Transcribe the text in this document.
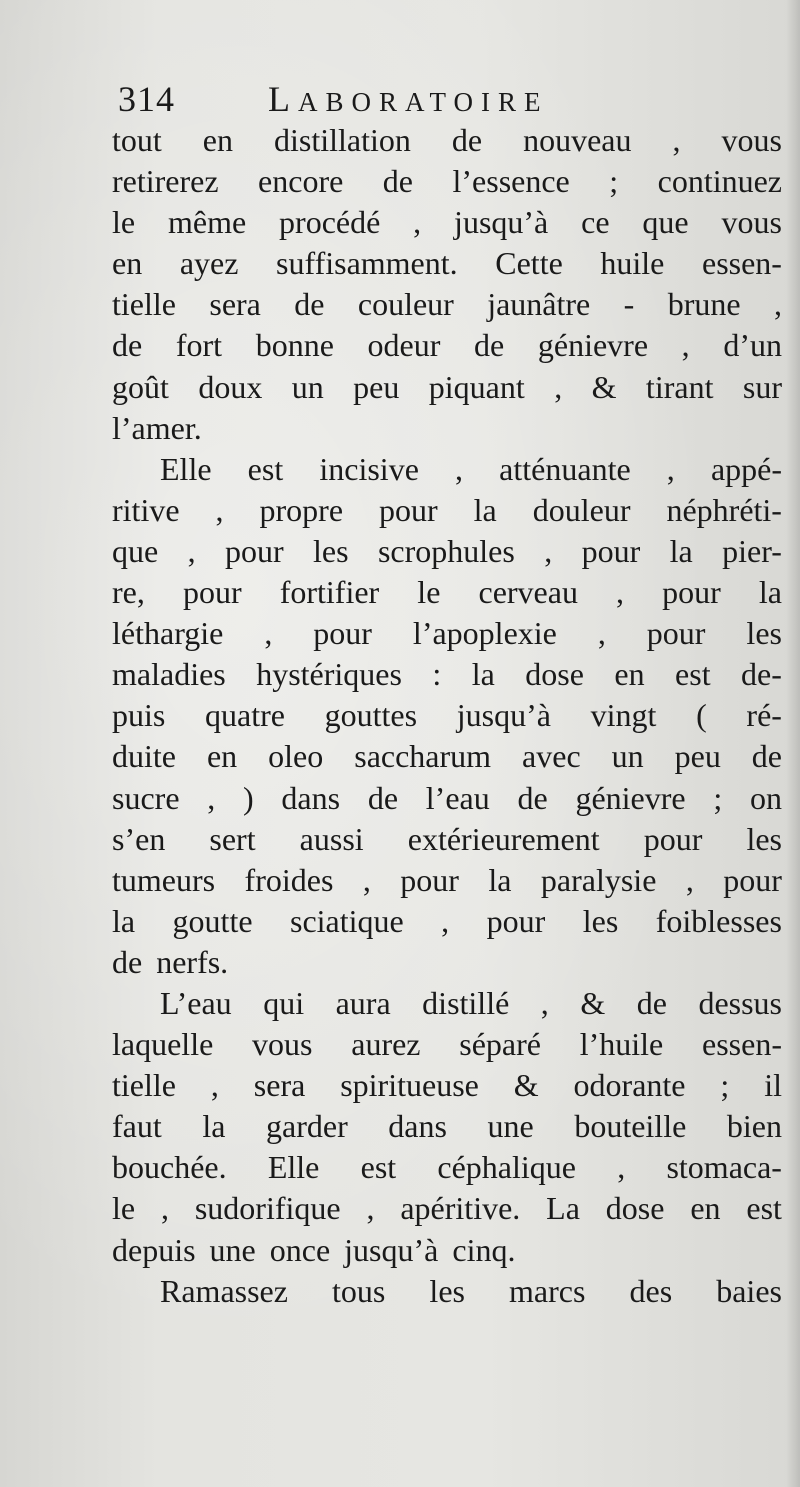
314	LABORATOIRE
tout en distillation de nouveau , vous
retirerez encore de l’essence ; continuez
le même procédé , jusqu’à ce que vous
en ayez suffisamment. Cette huile essen-
tielle sera de couleur jaunâtre - brune ,
de fort bonne odeur de génievre , d’un
goût doux un peu piquant , & tirant sur
l’amer.
Elle est incisive , atténuante , appé-
ritive , propre pour la douleur néphréti-
que , pour les scrophules , pour la pier-
re, pour fortifier le cerveau , pour la
léthargie , pour l’apoplexie , pour les
maladies hystériques : la dose en est de-
puis quatre gouttes jusqu’à vingt ( ré-
duite en oleo saccharum avec un peu de
sucre , ) dans de l’eau de génievre ; on
s’en sert aussi extérieurement pour les
tumeurs froides , pour la paralysie , pour
la goutte sciatique , pour les foiblesses
de nerfs.
L’eau qui aura distillé , & de dessus
laquelle vous aurez séparé l’huile essen-
tielle , sera spiritueuse & odorante ; il
faut la garder dans une bouteille bien
bouchée. Elle est céphalique , stomaca-
le , sudorifique , apéritive. La dose en est
depuis une once jusqu’à cinq.
Ramassez tous les marcs des baies
